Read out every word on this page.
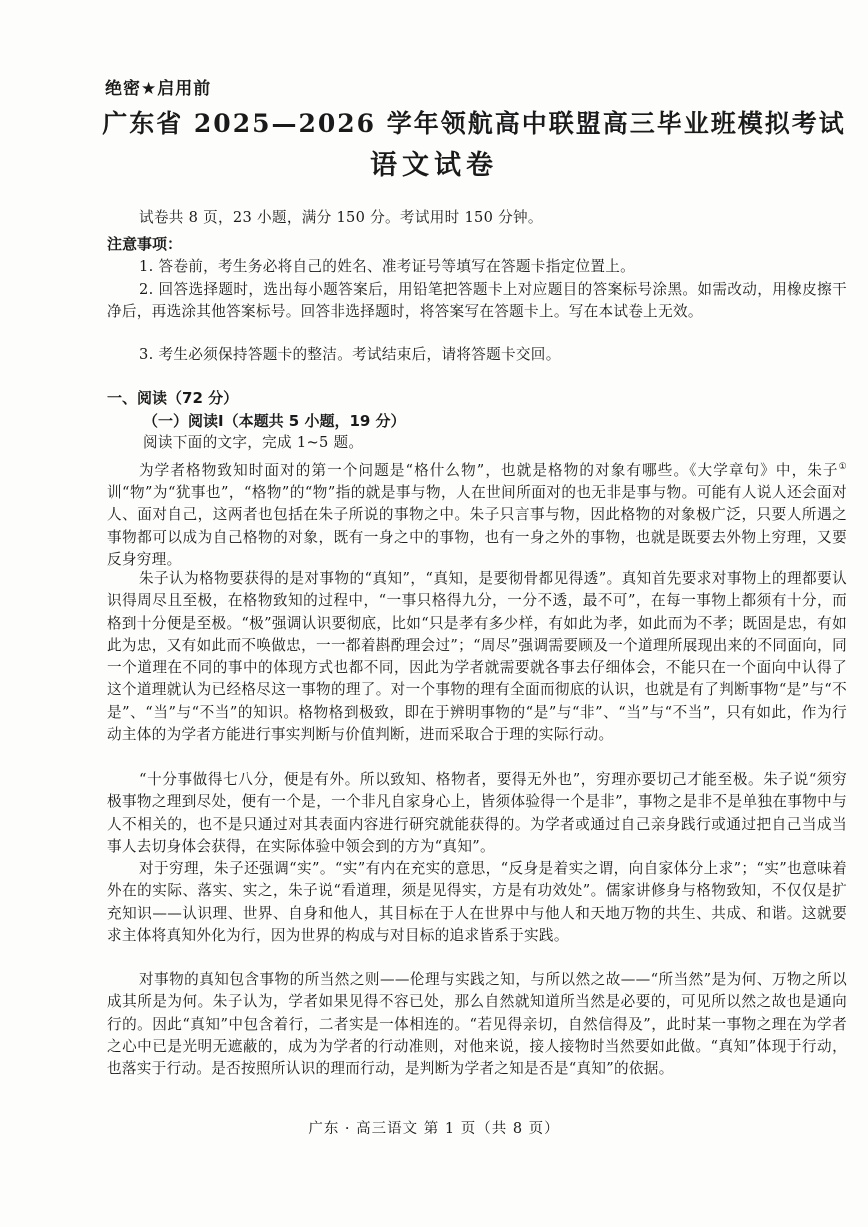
绝密★启用前
广东省 2025—2026 学年领航高中联盟高三毕业班模拟考试
语文试卷
试卷共 8 页，23 小题，满分 150 分。考试用时 150 分钟。
注意事项：
1. 答卷前，考生务必将自己的姓名、准考证号等填写在答题卡指定位置上。
2. 回答选择题时，选出每小题答案后，用铅笔把答题卡上对应题目的答案标号涂黑。如需改动，用橡皮擦干净后，再选涂其他答案标号。回答非选择题时，将答案写在答题卡上。写在本试卷上无效。
3. 考生必须保持答题卡的整洁。考试结束后，请将答题卡交回。
一、阅读（72 分）
（一）阅读Ⅰ（本题共 5 小题，19 分）
阅读下面的文字，完成 1~5 题。
为学者格物致知时面对的第一个问题是“格什么物”，也就是格物的对象有哪些。《大学章句》中，朱子①训“物”为“犹事也”，“格物”的“物”指的就是事与物，人在世间所面对的也无非是事与物。可能有人说人还会面对人、面对自己，这两者也包括在朱子所说的事物之中。朱子只言事与物，因此格物的对象极广泛，只要人所遇之事物都可以成为自己格物的对象，既有一身之中的事物，也有一身之外的事物，也就是既要去外物上穷理，又要反身穷理。
朱子认为格物要获得的是对事物的“真知”，“真知，是要彻骨都见得透”。真知首先要求对事物上的理都要认识得周尽且至极，在格物致知的过程中，“一事只格得九分，一分不透，最不可”，在每一事物上都须有十分，而格到十分便是至极。“极”强调认识要彻底，比如“只是孝有多少样，有如此为孝，如此而为不孝；既固是忠，有如此为忠，又有如此而不唤做忠，一一都着斟酌理会过”；“周尽”强调需要顾及一个道理所展现出来的不同面向，同一个道理在不同的事中的体现方式也都不同，因此为学者就需要就各事去仔细体会，不能只在一个面向中认得了这个道理就认为已经格尽这一事物的理了。对一个事物的理有全面而彻底的认识，也就是有了判断事物“是”与“不是”、“当”与“不当”的知识。格物格到极致，即在于辨明事物的“是”与“非”、“当”与“不当”，只有如此，作为行动主体的为学者方能进行事实判断与价值判断，进而采取合于理的实际行动。
“十分事做得七八分，便是有外。所以致知、格物者，要得无外也”，穷理亦要切己才能至极。朱子说“须穷极事物之理到尽处，便有一个是，一个非凡自家身心上，皆须体验得一个是非”，事物之是非不是单独在事物中与人不相关的，也不是只通过对其表面内容进行研究就能获得的。为学者或通过自己亲身践行或通过把自己当成当事人去切身体会获得，在实际体验中领会到的方为“真知”。
对于穷理，朱子还强调“实”。“实”有内在充实的意思，“反身是着实之谓，向自家体分上求”；“实”也意味着外在的实际、落实、实之，朱子说“看道理，须是见得实，方是有功效处”。儒家讲修身与格物致知，不仅仅是扩充知识——认识理、世界、自身和他人，其目标在于人在世界中与他人和天地万物的共生、共成、和谐。这就要求主体将真知外化为行，因为世界的构成与对目标的追求皆系于实践。
对事物的真知包含事物的所当然之则——伦理与实践之知，与所以然之故——“所当然”是为何、万物之所以成其所是为何。朱子认为，学者如果见得不容已处，那么自然就知道所当然是必要的，可见所以然之故也是通向行的。因此“真知”中包含着行，二者实是一体相连的。“若见得亲切，自然信得及”，此时某一事物之理在为学者之心中已是光明无遮蔽的，成为为学者的行动准则，对他来说，接人接物时当然要如此做。“真知”体现于行动，也落实于行动。是否按照所认识的理而行动，是判断为学者之知是否是“真知”的依据。
广东 · 高三语文 第 1 页（共 8 页）
